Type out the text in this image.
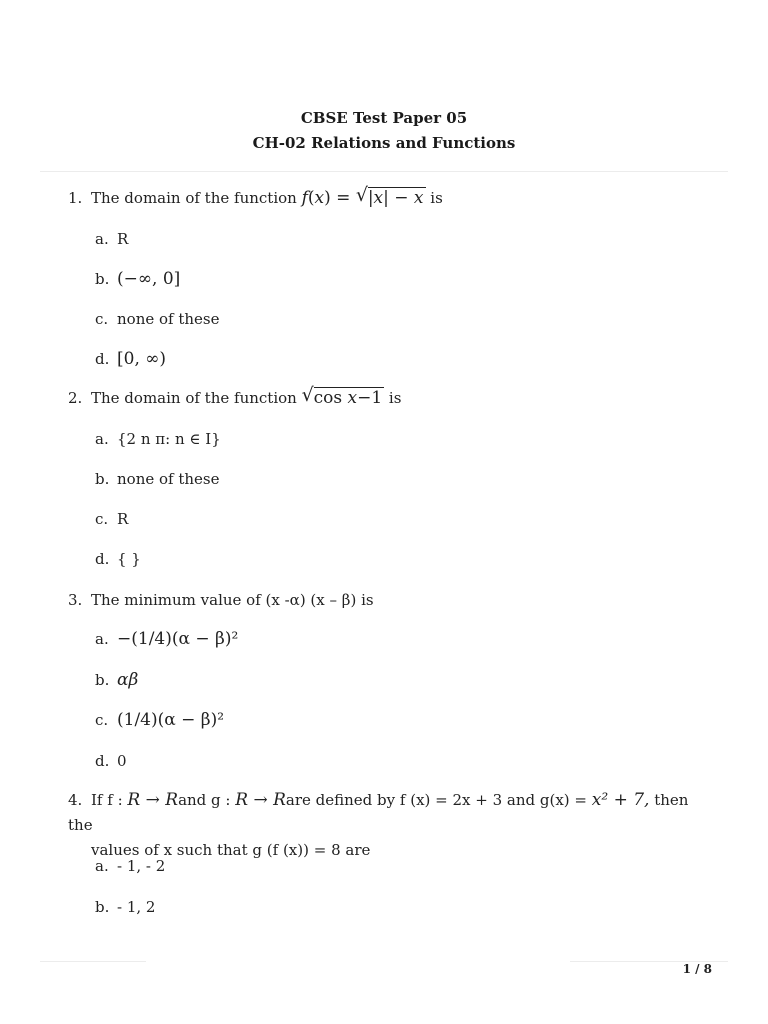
CBSE Test Paper 05
CH-02 Relations and Functions
1. The domain of the function f(x) = √ |x| − x is
a. R
b. (−∞, 0]
c. none of these
d. [0, ∞)
2. The domain of the function √ cos x−1 is
a. {2 n π: n ∈ I}
b. none of these
c. R
d. { }
3. The minimum value of (x -α) (x – β) is
a. −(1/4)(α − β)²
b. αβ
c. (1/4)(α − β)²
d. 0
4. If f : R → Rand g : R → Rare defined by f (x) = 2x + 3 and g(x) = x² + 7, then the
values of x such that g (f (x)) = 8 are
a. - 1, - 2
b. - 1, 2
1 / 8
